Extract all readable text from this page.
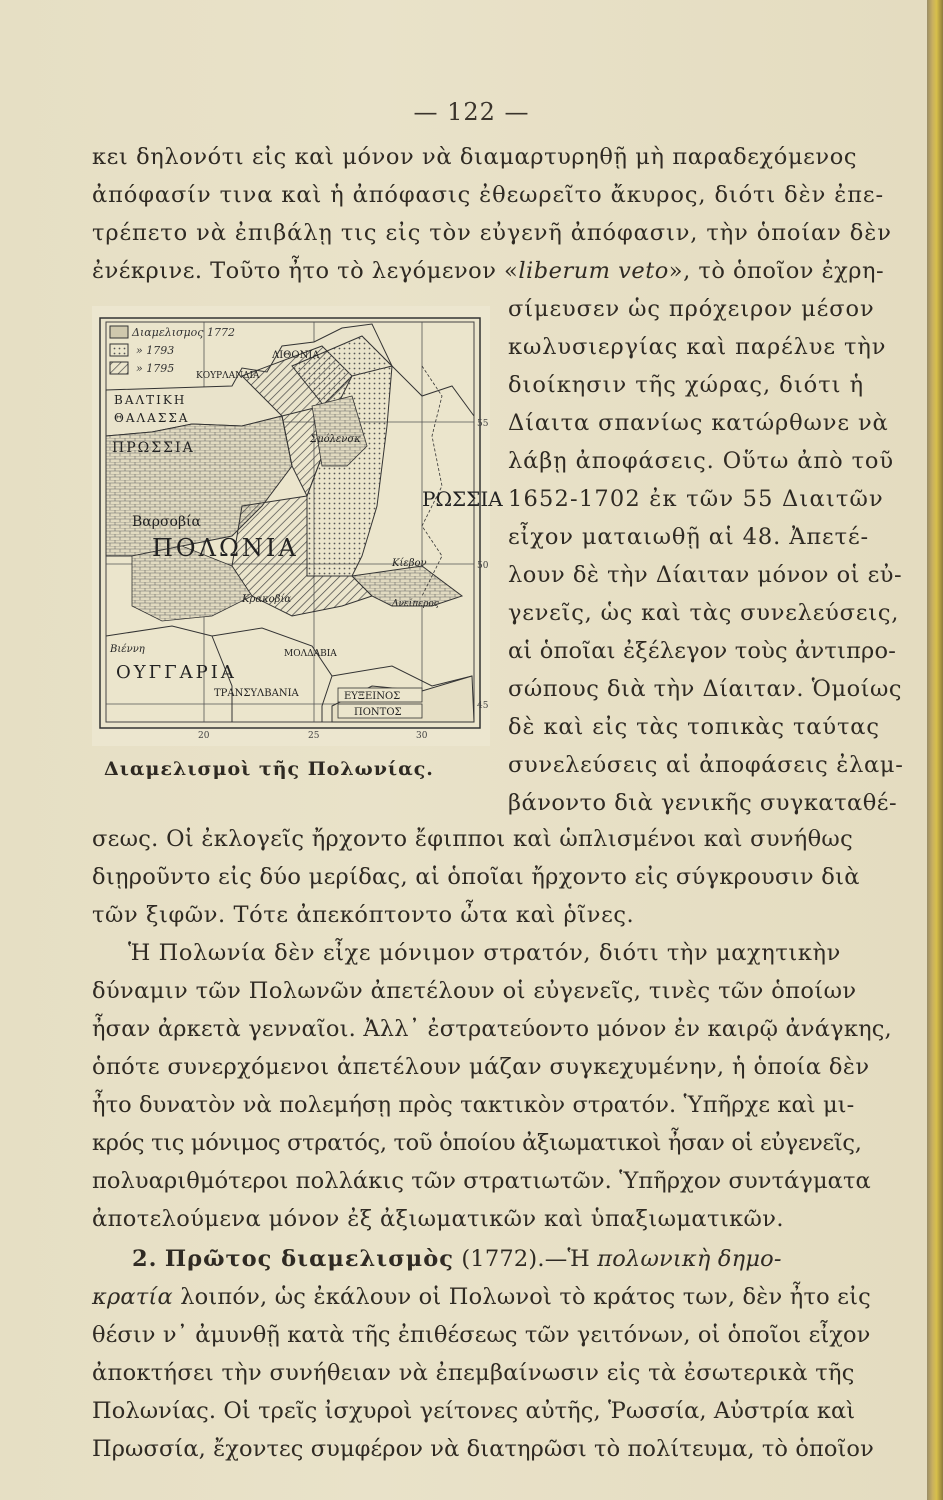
— 122 —
κει δηλονότι εἰς καὶ μόνον νὰ διαμαρτυρηθῇ μὴ παραδεχόμενος
ἀπόφασίν τινα καὶ ἡ ἀπόφασις ἐθεωρεῖτο ἄκυρος, διότι δὲν ἐπε-
τρέπετο νὰ ἐπιβάλῃ τις εἰς τὸν εὐγενῆ ἀπόφασιν, τὴν ὁποίαν δὲν
ἐνέκρινε. Τοῦτο ἦτο τὸ λεγόμενον «liberum veto», τὸ ὁποῖον ἐχρη-
Διαμελισμος 1772
» 1793
» 1795
ΒΑΛΤΙΚΗ
ΘΑΛΑΣΣΑ
ΚΟΥΡΛΑΝΔΙΑ
ΛΙΘΟΝΙΑ
ΠΡΩΣΣΙΑ
Βαρσοβία
ΠΟΛΩΝΙΑ
Σμόλενσκ
Κίεβον
Κρακοβία
Βιέννη
ΟΥΓΓΑΡΙΑ
ΤΡΑΝΣΥΛΒΑΝΙΑ
ΜΟΛΔΑΒΙΑ
ΕΥΞΕΙΝΟΣ
ΠΟΝΤΟΣ
ΡΩΣΣΙΑ
Δνείπερος
55
50
45
20	25	30
Διαμελισμοὶ τῆς Πολωνίας.
σίμευσεν ὡς πρόχειρον μέσον
κωλυσιεργίας καὶ παρέλυε τὴν
διοίκησιν τῆς χώρας, διότι ἡ
Δίαιτα σπανίως κατώρθωνε νὰ
λάβῃ ἀποφάσεις. Οὕτω ἀπὸ τοῦ
1652-1702 ἐκ τῶν 55 Διαιτῶν
εἶχον ματαιωθῇ αἱ 48. Ἀπετέ-
λουν δὲ τὴν Δίαιταν μόνον οἱ εὐ-
γενεῖς, ὡς καὶ τὰς συνελεύσεις,
αἱ ὁποῖαι ἐξέλεγον τοὺς ἀντιπρο-
σώπους διὰ τὴν Δίαιταν. Ὁμοίως
δὲ καὶ εἰς τὰς τοπικὰς ταύτας
συνελεύσεις αἱ ἀποφάσεις ἐλαμ-
βάνοντο διὰ γενικῆς συγκαταθέ-
σεως. Οἱ ἐκλογεῖς ἤρχοντο ἔφιπποι καὶ ὡπλισμένοι καὶ συνήθως
διῃροῦντο εἰς δύο μερίδας, αἱ ὁποῖαι ἤρχοντο εἰς σύγκρουσιν διὰ
τῶν ξιφῶν. Τότε ἀπεκόπτοντο ὦτα καὶ ῥῖνες.
Ἡ Πολωνία δὲν εἶχε μόνιμον στρατόν, διότι τὴν μαχητικὴν
δύναμιν τῶν Πολωνῶν ἀπετέλουν οἱ εὐγενεῖς, τινὲς τῶν ὁποίων
ἦσαν ἀρκετὰ γενναῖοι. Ἀλλ᾽ ἐστρατεύοντο μόνον ἐν καιρῷ ἀνάγκης,
ὁπότε συνερχόμενοι ἀπετέλουν μάζαν συγκεχυμένην, ἡ ὁποία δὲν
ἦτο δυνατὸν νὰ πολεμήσῃ πρὸς τακτικὸν στρατόν. Ὑπῆρχε καὶ μι-
κρός τις μόνιμος στρατός, τοῦ ὁποίου ἀξιωματικοὶ ἦσαν οἱ εὐγενεῖς,
πολυαριθμότεροι πολλάκις τῶν στρατιωτῶν. Ὑπῆρχον συντάγματα
ἀποτελούμενα μόνον ἐξ ἀξιωματικῶν καὶ ὑπαξιωματικῶν.
2. Πρῶτος διαμελισμὸς (1772).—Ἡ πολωνικὴ δημο-
κρατία λοιπόν, ὡς ἐκάλουν οἱ Πολωνοὶ τὸ κράτος των, δὲν ἦτο εἰς
θέσιν ν᾽ ἀμυνθῇ κατὰ τῆς ἐπιθέσεως τῶν γειτόνων, οἱ ὁποῖοι εἶχον
ἀποκτήσει τὴν συνήθειαν νὰ ἐπεμβαίνωσιν εἰς τὰ ἐσωτερικὰ τῆς
Πολωνίας. Οἱ τρεῖς ἰσχυροὶ γείτονες αὐτῆς, Ῥωσσία, Αὐστρία καὶ
Πρωσσία, ἔχοντες συμφέρον νὰ διατηρῶσι τὸ πολίτευμα, τὸ ὁποῖον
